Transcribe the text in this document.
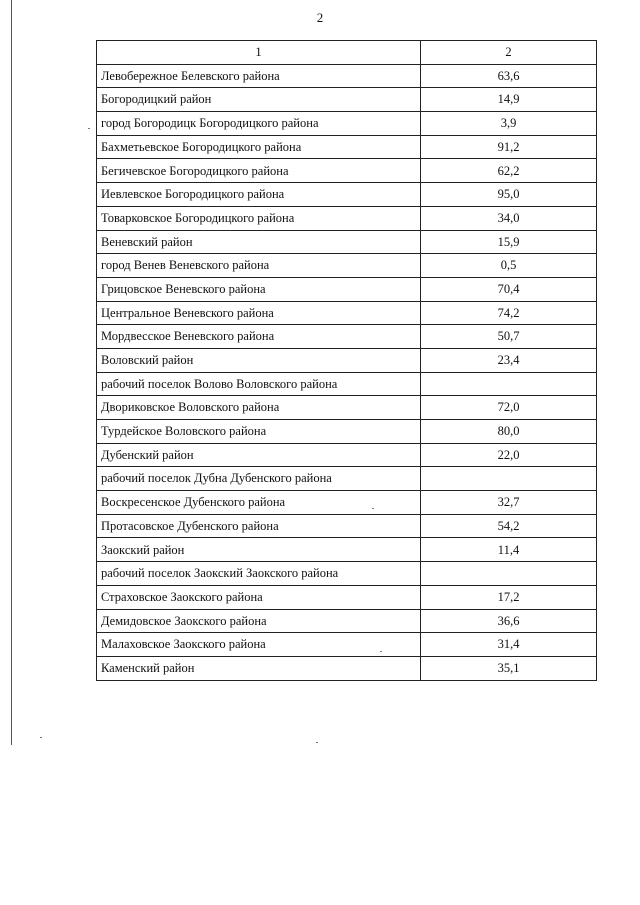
2
1	2
Левобережное Белевского района	63,6
Богородицкий район	14,9
город Богородицк Богородицкого района	3,9
Бахметьевское Богородицкого района	91,2
Бегичевское Богородицкого района	62,2
Иевлевское Богородицкого района	95,0
Товарковское Богородицкого района	34,0
Веневский район	15,9
город Венев Веневского района	0,5
Грицовское Веневского района	70,4
Центральное Веневского района	74,2
Мордвесское Веневского района	50,7
Воловский район	23,4
рабочий поселок Волово Воловского района	
Двориковское Воловского района	72,0
Турдейское Воловского района	80,0
Дубенский район	22,0
рабочий поселок Дубна Дубенского района	
Воскресенское Дубенского района	32,7
Протасовское Дубенского района	54,2
Заокский район	11,4
рабочий поселок Заокский Заокского района	
Страховское Заокского района	17,2
Демидовское Заокского района	36,6
Малаховское Заокского района	31,4
Каменский район	35,1
